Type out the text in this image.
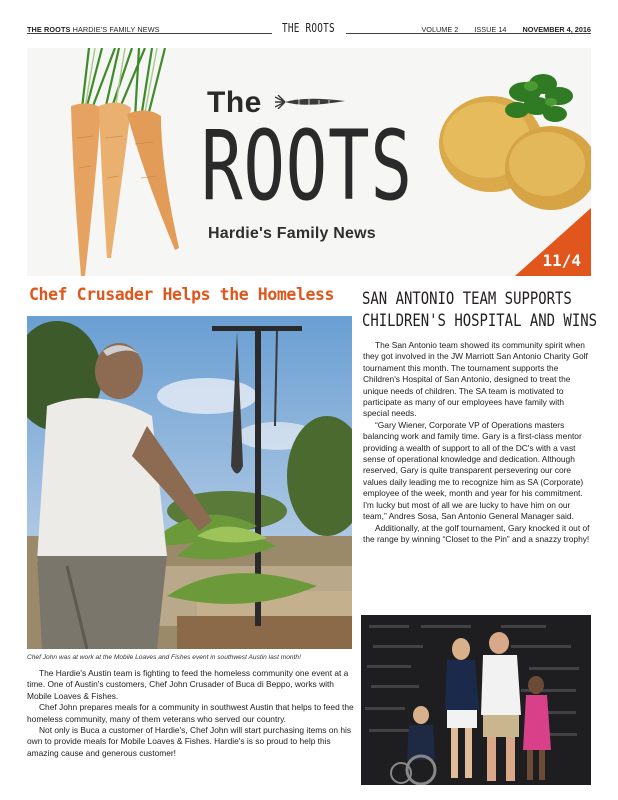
THE ROOTS HARDIE'S FAMILY NEWS	THE ROOTS	VOLUME 2 ISSUE 14 NOVEMBER 4, 2016
The
ROOTS
Hardie's Family News
11/4
Chef Crusader Helps the Homeless
Chef John was at work at the Mobile Loaves and Fishes event in southwest Austin last month!

The Hardie's Austin team is fighting to feed the homeless community one event at a time. One of Austin's customers, Chef John Crusader of Buca di Beppo, works with Mobile Loaves & Fishes.

Chef John prepares meals for a community in southwest Austin that helps to feed the homeless community, many of them veterans who served our country.

Not only is Buca a customer of Hardie's, Chef John will start purchasing items on his own to provide meals for Mobile Loaves & Fishes. Hardie's is so proud to help this amazing cause and generous customer!

SAN ANTONIO TEAM SUPPORTS
CHILDREN'S HOSPITAL AND WINS

The San Antonio team showed its community spirit when they got involved in the JW Marriott San Antonio Charity Golf tournament this month. The tournament supports the Children's Hospital of San Antonio, designed to treat the unique needs of children. The SA team is motivated to participate as many of our employees have family with special needs.

“Gary Wiener, Corporate VP of Operations masters balancing work and family time. Gary is a first-class mentor providing a wealth of support to all of the DC's with a vast sense of operational knowledge and dedication. Although reserved, Gary is quite transparent persevering our core values daily leading me to recognize him as SA (Corporate) employee of the week, month and year for his commitment. I'm lucky but most of all we are lucky to have him on our team,” Andres Sosa, San Antonio General Manager said.

Additionally, at the golf tournament, Gary knocked it out of the range by winning “Closet to the Pin” and a snazzy trophy!
